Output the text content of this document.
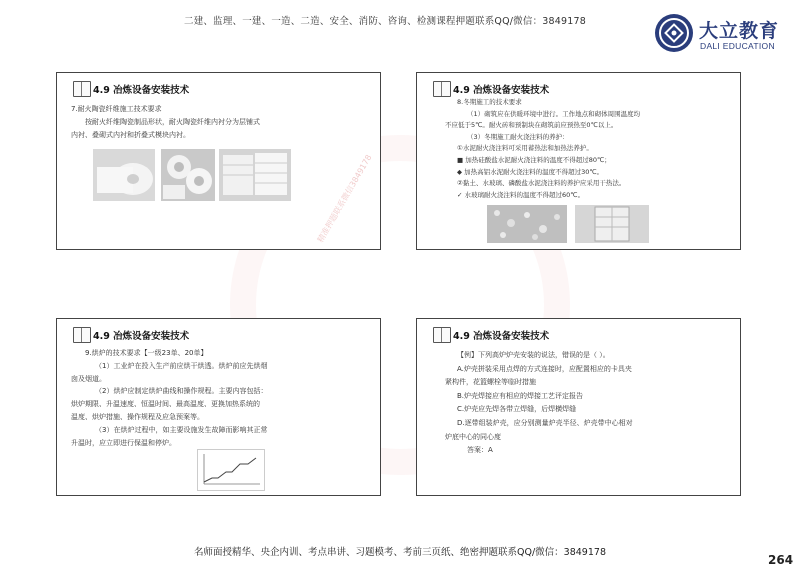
二建、监理、一建、一造、二造、安全、消防、咨询、检测课程押题联系QQ/微信：3849178	大立教育
DALI EDUCATION
4.9 冶炼设备安装技术

7.耐火陶瓷纤维施工技术要求

按耐火纤维陶瓷制品形状，耐火陶瓷纤维内衬分为层铺式

内衬、叠砌式内衬和折叠式模块内衬。

精准押题联系微信3849178
4.9 冶炼设备安装技术

8.冬期施工的技术要求

（1）砌筑应在供暖环境中进行。工作地点和砌体周围温度均

不应低于5℃。耐火砖和预制块在砌筑前应预热至0℃以上。

（3）冬期施工耐火浇注料的养护：

①水泥耐火浇注料可采用蓄热法和加热法养护。

■ 加热硅酸盐水泥耐火浇注料的温度不得超过80℃；

◆ 加热高铝水泥耐火浇注料的温度不得超过30℃。

②黏土、水玻璃、磷酸盐水泥浇注料的养护应采用干热法。

✓ 水玻璃耐火浇注料的温度不得超过60℃。

4.9 冶炼设备安装技术

9.烘炉的技术要求【一级23单、20单】

（1）工业炉在投入生产前应烘干烘透。烘炉前应先烘烟

囱及烟道。

（2）烘炉应制定烘炉曲线和操作规程。主要内容包括：

烘炉期限、升温速度、恒温时间、最高温度、更换加热系统的

温度、烘炉措施、操作规程及应急预案等。

（3）在烘炉过程中，如主要设施发生故障而影响其正常

升温时，应立即进行保温和停炉。

4.9 冶炼设备安装技术

【例】下列高炉炉壳安装的说法，错误的是（ ）。

A.炉壳拼装采用点焊的方式连接时，应配置相应的卡具夹

紧构件，花篮螺栓等临时措施

B.炉壳焊接应有相应的焊接工艺评定报告

C.炉壳应先焊各带立焊缝，后焊横焊缝

D.逐带组装炉壳，应分别测量炉壳半径、炉壳带中心相对

炉底中心的同心度

答案：A

名师面授精华、央企内训、考点串讲、习题模考、考前三页纸、绝密押题联系QQ/微信：3849178
264
